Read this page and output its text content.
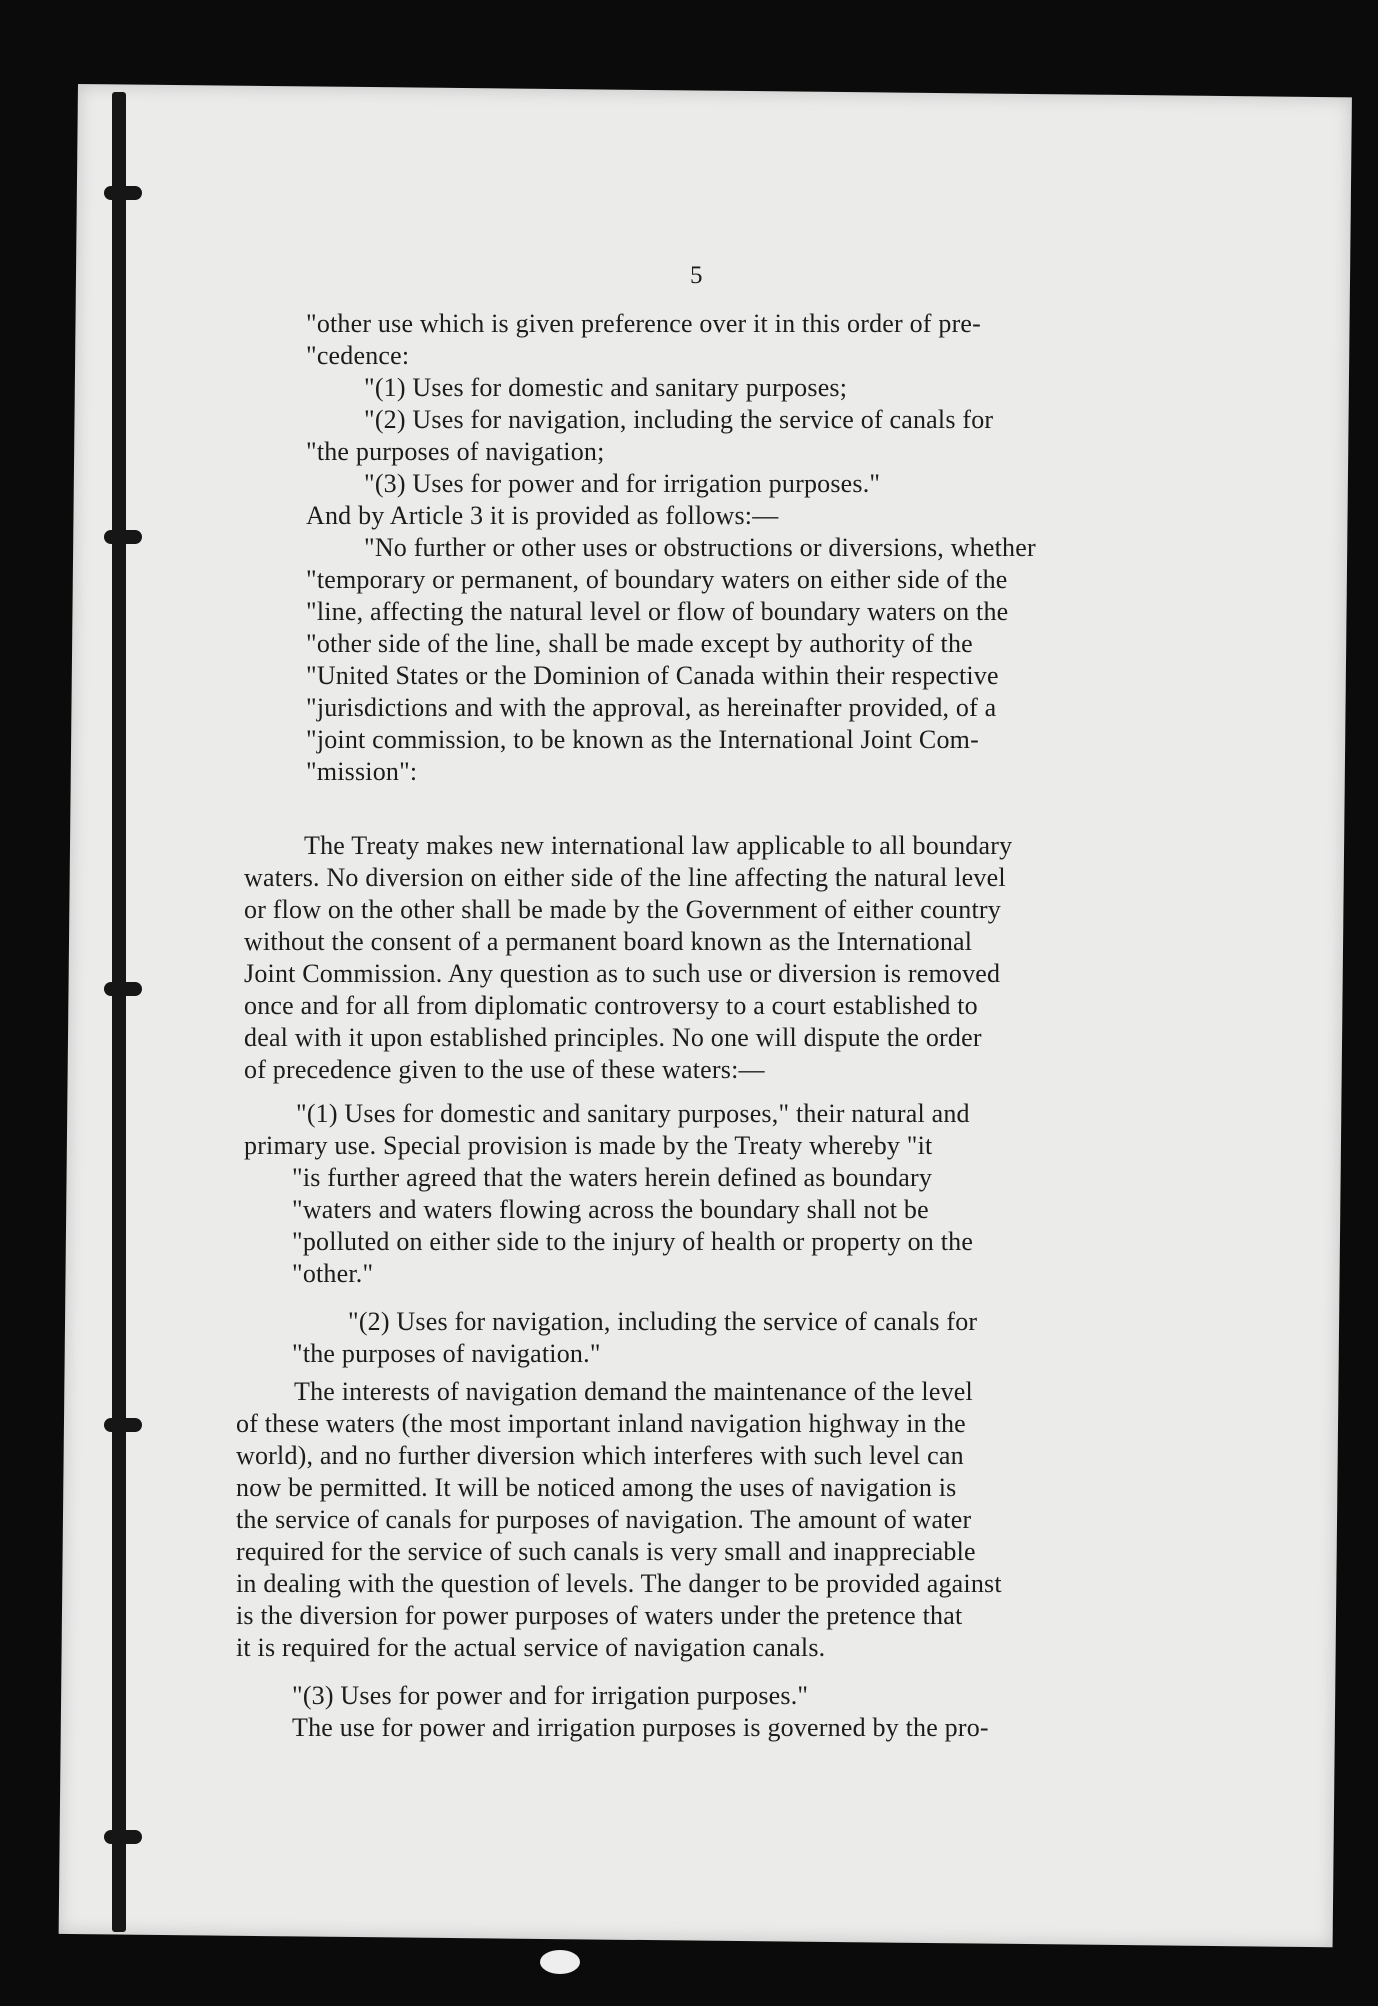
5
"other use which is given preference over it in this order of pre-
"cedence:
"(1) Uses for domestic and sanitary purposes;
"(2) Uses for navigation, including the service of canals for
"the purposes of navigation;
"(3) Uses for power and for irrigation purposes."
And by Article 3 it is provided as follows:—
"No further or other uses or obstructions or diversions, whether
"temporary or permanent, of boundary waters on either side of the
"line, affecting the natural level or flow of boundary waters on the
"other side of the line, shall be made except by authority of the
"United States or the Dominion of Canada within their respective
"jurisdictions and with the approval, as hereinafter provided, of a
"joint commission, to be known as the International Joint Com-
"mission":
The Treaty makes new international law applicable to all boundary
waters. No diversion on either side of the line affecting the natural level
or flow on the other shall be made by the Government of either country
without the consent of a permanent board known as the International
Joint Commission. Any question as to such use or diversion is removed
once and for all from diplomatic controversy to a court established to
deal with it upon established principles. No one will dispute the order
of precedence given to the use of these waters:—
"(1) Uses for domestic and sanitary purposes," their natural and
primary use. Special provision is made by the Treaty whereby "it
"is further agreed that the waters herein defined as boundary
"waters and waters flowing across the boundary shall not be
"polluted on either side to the injury of health or property on the
"other."
"(2) Uses for navigation, including the service of canals for
"the purposes of navigation."
The interests of navigation demand the maintenance of the level
of these waters (the most important inland navigation highway in the
world), and no further diversion which interferes with such level can
now be permitted. It will be noticed among the uses of navigation is
the service of canals for purposes of navigation. The amount of water
required for the service of such canals is very small and inappreciable
in dealing with the question of levels. The danger to be provided against
is the diversion for power purposes of waters under the pretence that
it is required for the actual service of navigation canals.
"(3) Uses for power and for irrigation purposes."
The use for power and irrigation purposes is governed by the pro-
